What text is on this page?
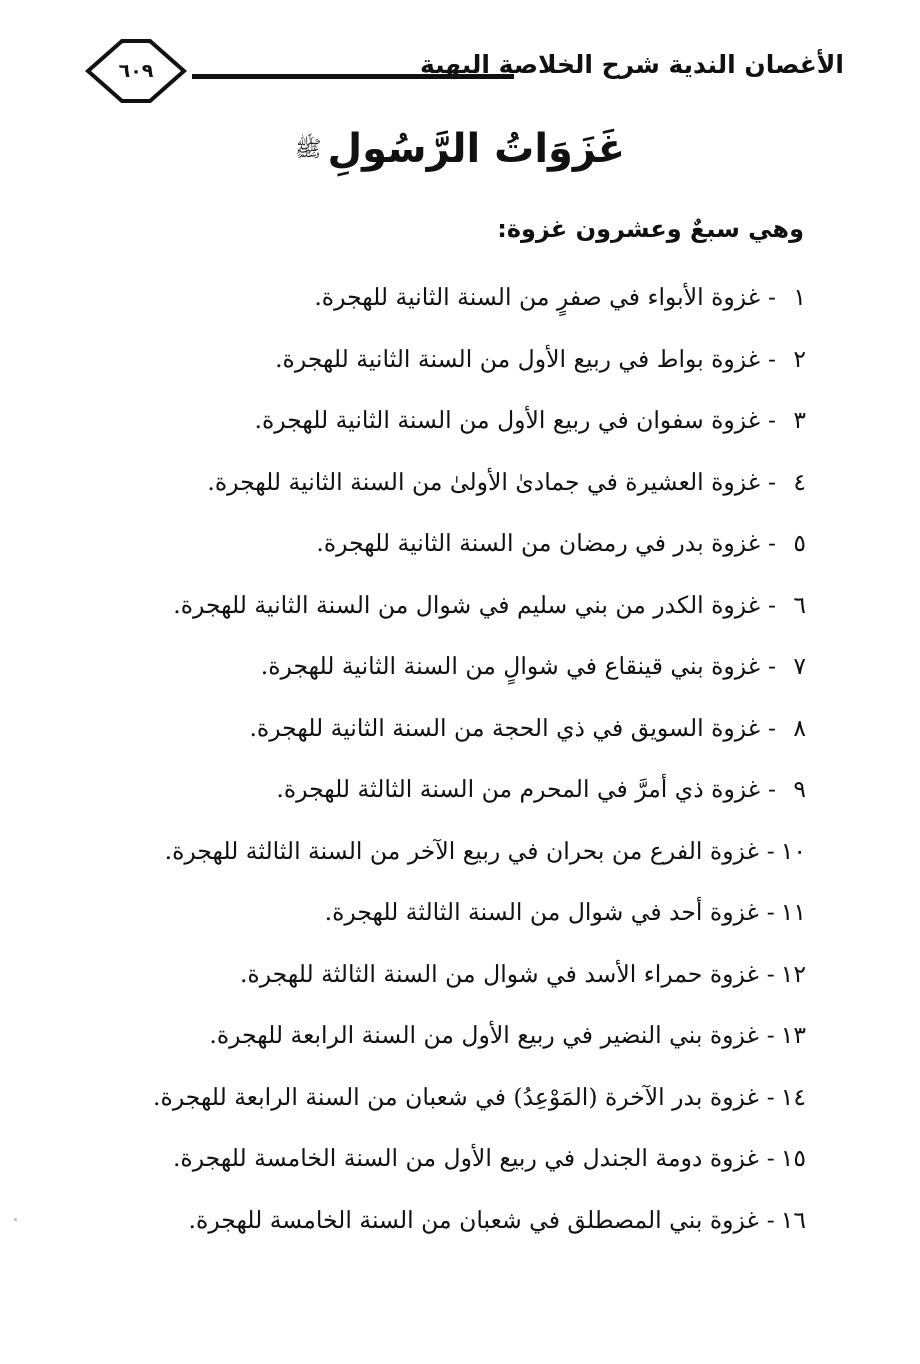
٦٠٩	الأغصان الندية شرح الخلاصة البهية
غَزَوَاتُ الرَّسُولِﷺ
وهي سبعٌ وعشرون غزوة:
١-غزوة الأبواء في صفرٍ من السنة الثانية للهجرة.
٢-غزوة بواط في ربيع الأول من السنة الثانية للهجرة.
٣-غزوة سفوان في ربيع الأول من السنة الثانية للهجرة.
٤-غزوة العشيرة في جمادىٰ الأولىٰ من السنة الثانية للهجرة.
٥-غزوة بدر في رمضان من السنة الثانية للهجرة.
٦-غزوة الكدر من بني سليم في شوال من السنة الثانية للهجرة.
٧-غزوة بني قينقاع في شوالٍ من السنة الثانية للهجرة.
٨-غزوة السويق في ذي الحجة من السنة الثانية للهجرة.
٩-غزوة ذي أمرَّ في المحرم من السنة الثالثة للهجرة.
١٠-غزوة الفرع من بحران في ربيع الآخر من السنة الثالثة للهجرة.
١١-غزوة أحد في شوال من السنة الثالثة للهجرة.
١٢-غزوة حمراء الأسد في شوال من السنة الثالثة للهجرة.
١٣-غزوة بني النضير في ربيع الأول من السنة الرابعة للهجرة.
١٤-غزوة بدر الآخرة (المَوْعِدُ) في شعبان من السنة الرابعة للهجرة.
١٥-غزوة دومة الجندل في ربيع الأول من السنة الخامسة للهجرة.
١٦-غزوة بني المصطلق في شعبان من السنة الخامسة للهجرة.
